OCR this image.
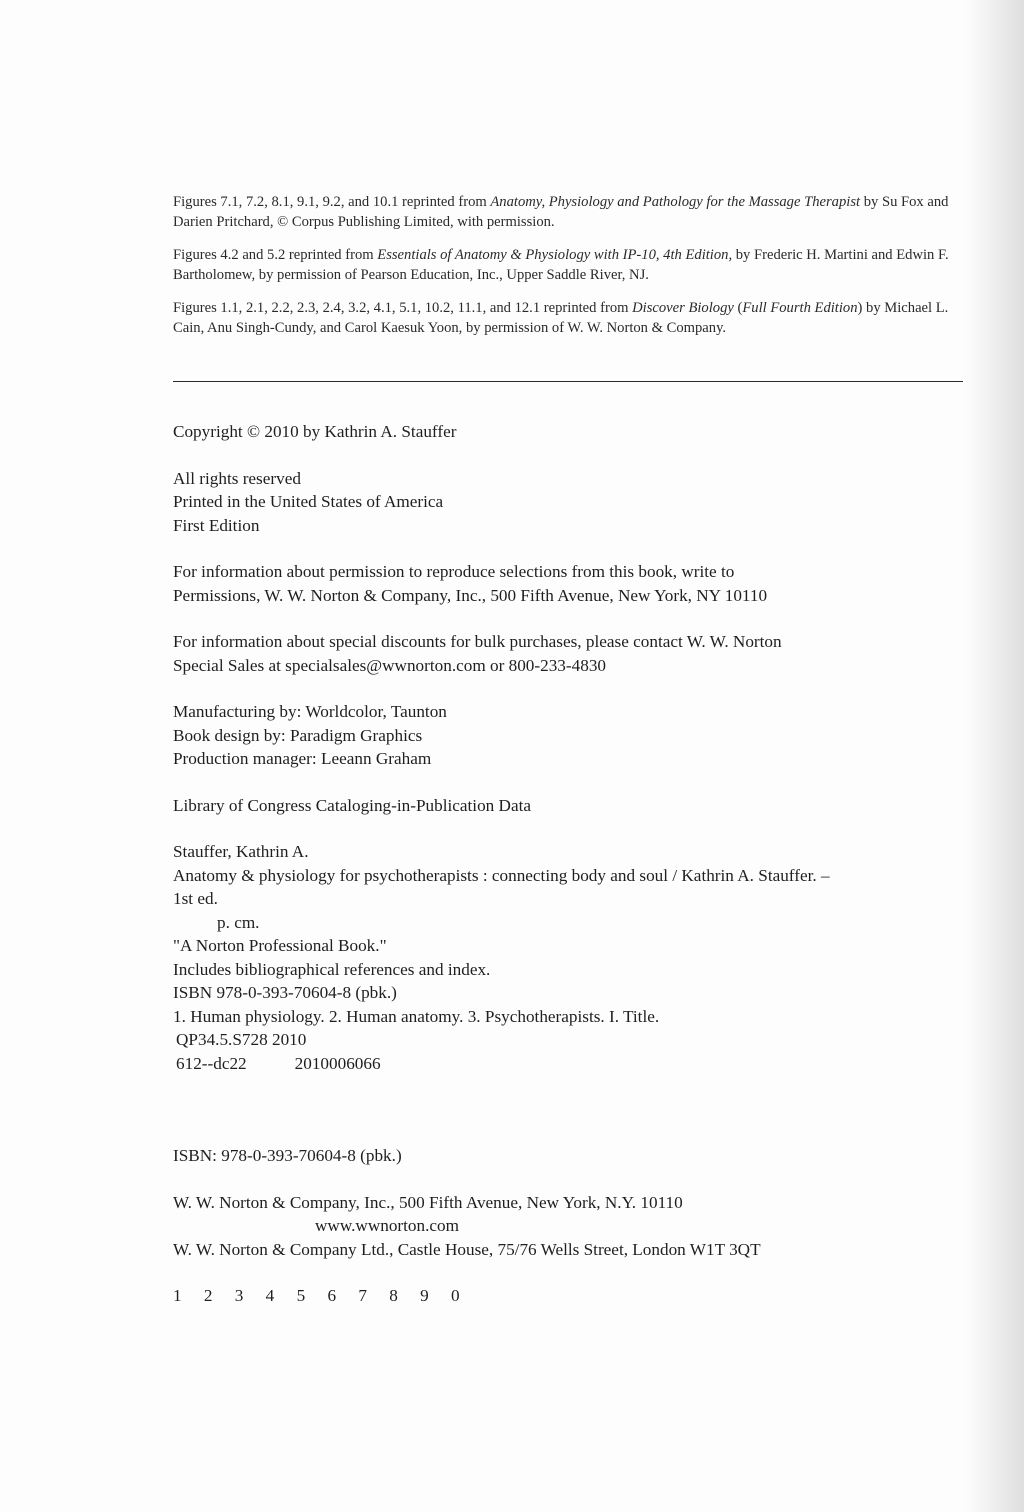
Figures 7.1, 7.2, 8.1, 9.1, 9.2, and 10.1 reprinted from Anatomy, Physiology and Pathology for the Massage Therapist by Su Fox and Darien Pritchard, © Corpus Publishing Limited, with permission.

Figures 4.2 and 5.2 reprinted from Essentials of Anatomy & Physiology with IP-10, 4th Edition, by Frederic H. Martini and Edwin F. Bartholomew, by permission of Pearson Education, Inc., Upper Saddle River, NJ.

Figures 1.1, 2.1, 2.2, 2.3, 2.4, 3.2, 4.1, 5.1, 10.2, 11.1, and 12.1 reprinted from Discover Biology (Full Fourth Edition) by Michael L. Cain, Anu Singh-Cundy, and Carol Kaesuk Yoon, by permission of W. W. Norton & Company.

Copyright © 2010 by Kathrin A. Stauffer
All rights reserved
Printed in the United States of America
First Edition
For information about permission to reproduce selections from this book, write to
Permissions, W. W. Norton & Company, Inc., 500 Fifth Avenue, New York, NY 10110
For information about special discounts for bulk purchases, please contact W. W. Norton
Special Sales at specialsales@wwnorton.com or 800-233-4830
Manufacturing by: Worldcolor, Taunton
Book design by: Paradigm Graphics
Production manager: Leeann Graham
Library of Congress Cataloging-in-Publication Data
Stauffer, Kathrin A.
Anatomy & physiology for psychotherapists : connecting body and soul / Kathrin A. Stauffer. –
1st ed.
p. cm.
"A Norton Professional Book."
Includes bibliographical references and index.
ISBN 978-0-393-70604-8 (pbk.)
1. Human physiology. 2. Human anatomy. 3. Psychotherapists. I. Title.
QP34.5.S728 2010
612--dc22	2010006066
ISBN: 978-0-393-70604-8 (pbk.)
W. W. Norton & Company, Inc., 500 Fifth Avenue, New York, N.Y. 10110
www.wwnorton.com
W. W. Norton & Company Ltd., Castle House, 75/76 Wells Street, London W1T 3QT
1 2 3 4 5 6 7 8 9 0
